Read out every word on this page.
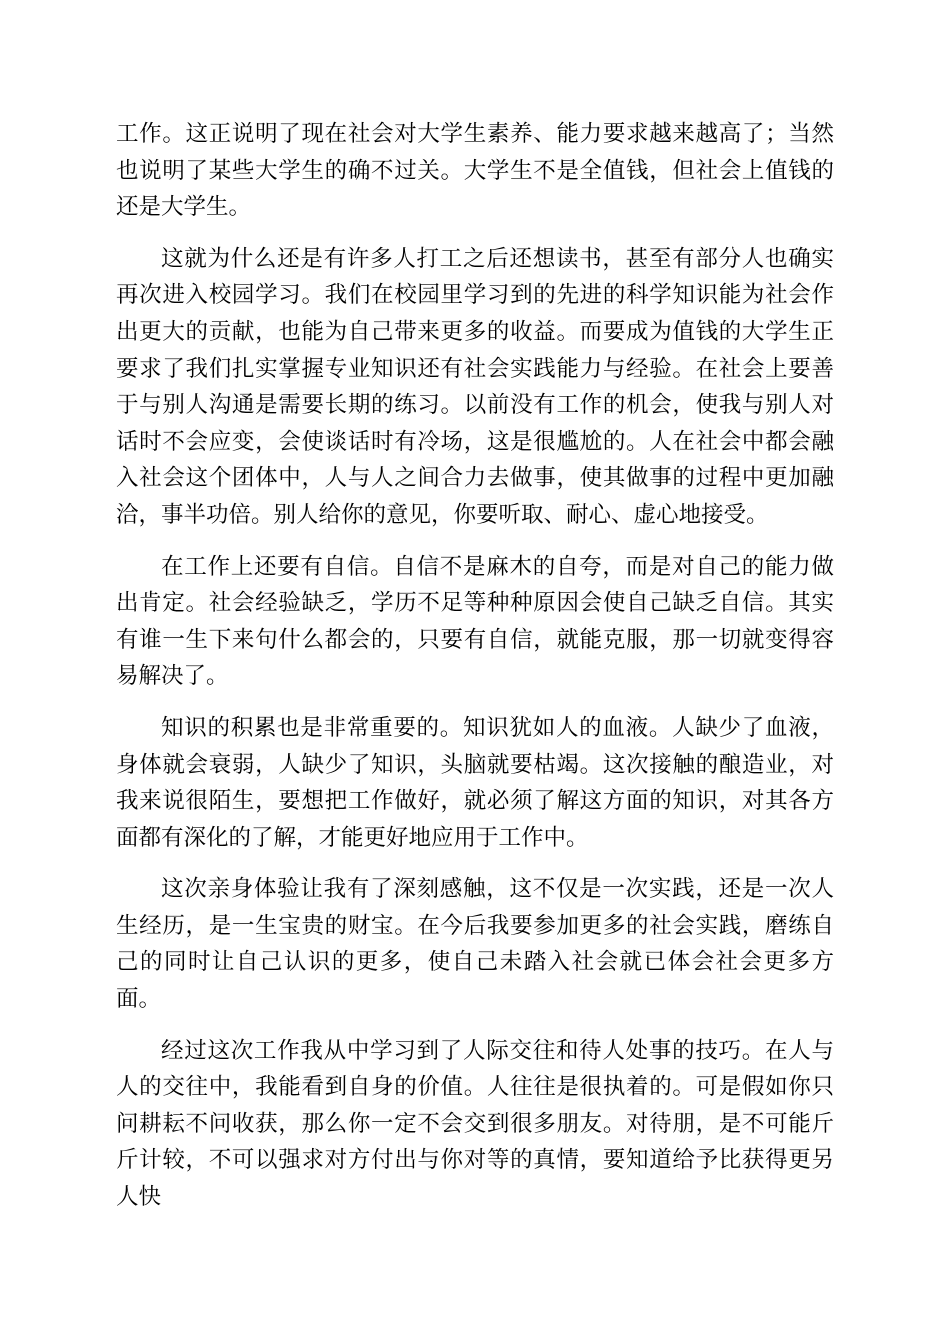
工作。这正说明了现在社会对大学生素养、能力要求越来越高了；当然也说明了某些大学生的确不过关。大学生不是全值钱，但社会上值钱的还是大学生。

这就为什么还是有许多人打工之后还想读书，甚至有部分人也确实再次进入校园学习。我们在校园里学习到的先进的科学知识能为社会作出更大的贡献，也能为自己带来更多的收益。而要成为值钱的大学生正要求了我们扎实掌握专业知识还有社会实践能力与经验。在社会上要善于与别人沟通是需要长期的练习。以前没有工作的机会，使我与别人对话时不会应变，会使谈话时有冷场，这是很尴尬的。人在社会中都会融入社会这个团体中，人与人之间合力去做事，使其做事的过程中更加融洽，事半功倍。别人给你的意见，你要听取、耐心、虚心地接受。

在工作上还要有自信。自信不是麻木的自夸，而是对自己的能力做出肯定。社会经验缺乏，学历不足等种种原因会使自己缺乏自信。其实有谁一生下来句什么都会的，只要有自信，就能克服，那一切就变得容易解决了。

知识的积累也是非常重要的。知识犹如人的血液。人缺少了血液，身体就会衰弱，人缺少了知识，头脑就要枯竭。这次接触的酿造业，对我来说很陌生，要想把工作做好，就必须了解这方面的知识，对其各方面都有深化的了解，才能更好地应用于工作中。

这次亲身体验让我有了深刻感触，这不仅是一次实践，还是一次人生经历，是一生宝贵的财宝。在今后我要参加更多的社会实践，磨练自己的同时让自己认识的更多，使自己未踏入社会就已体会社会更多方面。

经过这次工作我从中学习到了人际交往和待人处事的技巧。在人与人的交往中，我能看到自身的价值。人往往是很执着的。可是假如你只问耕耘不问收获，那么你一定不会交到很多朋友。对待朋，是不可能斤斤计较，不可以强求对方付出与你对等的真情，要知道给予比获得更另人快
